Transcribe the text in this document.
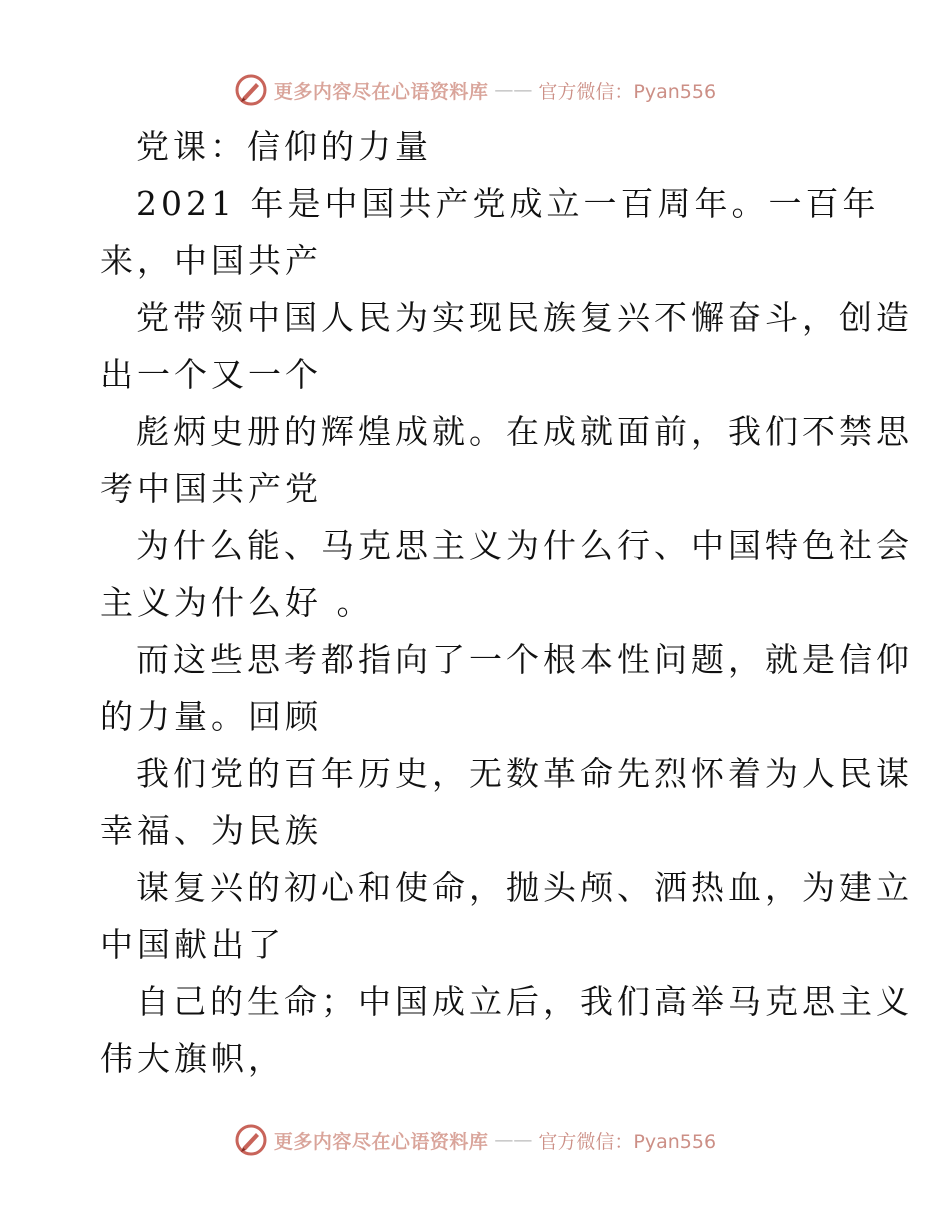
更多内容尽在心语资料库 —— 官方微信：Pyan556
党课：信仰的力量
2021 年是中国共产党成立一百周年。一百年
来，中国共产
党带领中国人民为实现民族复兴不懈奋斗，创造
出一个又一个
彪炳史册的辉煌成就。在成就面前，我们不禁思
考中国共产党
为什么能、马克思主义为什么行、中国特色社会
主义为什么好 。
而这些思考都指向了一个根本性问题，就是信仰
的力量。回顾
我们党的百年历史，无数革命先烈怀着为人民谋
幸福、为民族
谋复兴的初心和使命，抛头颅、洒热血，为建立
中国献出了
自己的生命；中国成立后，我们高举马克思主义
伟大旗帜，
更多内容尽在心语资料库 —— 官方微信：Pyan556
